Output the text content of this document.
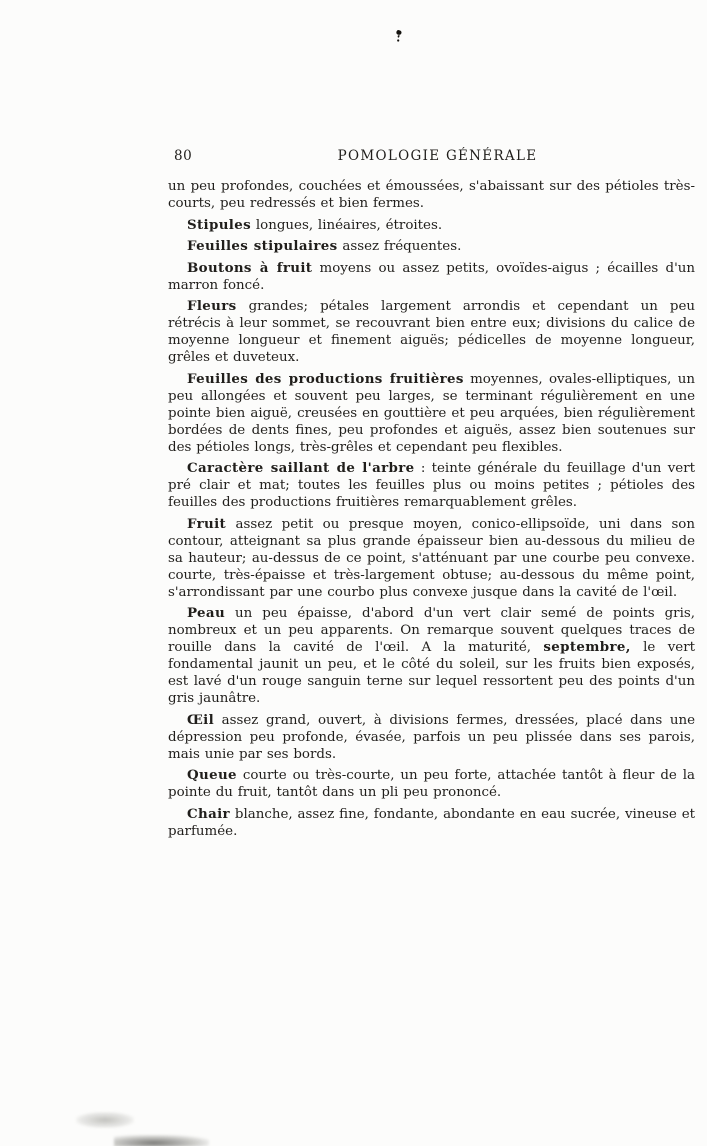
80	POMOLOGIE GÉNÉRALE

un peu profondes, couchées et émoussées, s'abaissant sur des pétioles très-courts, peu redressés et bien fermes.

Stipules longues, linéaires, étroites.

Feuilles stipulaires assez fréquentes.

Boutons à fruit moyens ou assez petits, ovoïdes-aigus ; écailles d'un marron foncé.

Fleurs grandes; pétales largement arrondis et cependant un peu rétrécis à leur sommet, se recouvrant bien entre eux; divisions du calice de moyenne longueur et finement aiguës; pédicelles de moyenne longueur, grêles et duveteux.

Feuilles des productions fruitières moyennes, ovales-elliptiques, un peu allongées et souvent peu larges, se terminant régulièrement en une pointe bien aiguë, creusées en gouttière et peu arquées, bien régulièrement bordées de dents fines, peu profondes et aiguës, assez bien soutenues sur des pétioles longs, très-grêles et cependant peu flexibles.

Caractère saillant de l'arbre : teinte générale du feuillage d'un vert pré clair et mat; toutes les feuilles plus ou moins petites ; pétioles des feuilles des productions fruitières remarquablement grêles.

Fruit assez petit ou presque moyen, conico-ellipsoïde, uni dans son contour, atteignant sa plus grande épaisseur bien au-dessous du milieu de sa hauteur; au-dessus de ce point, s'atténuant par une courbe peu convexe. courte, très-épaisse et très-largement obtuse; au-dessous du même point, s'arrondissant par une courbo plus convexe jusque dans la cavité de l'œil.

Peau un peu épaisse, d'abord d'un vert clair semé de points gris, nombreux et un peu apparents. On remarque souvent quelques traces de rouille dans la cavité de l'œil. A la maturité, septembre, le vert fondamental jaunit un peu, et le côté du soleil, sur les fruits bien exposés, est lavé d'un rouge sanguin terne sur lequel ressortent peu des points d'un gris jaunâtre.

Œil assez grand, ouvert, à divisions fermes, dressées, placé dans une dépression peu profonde, évasée, parfois un peu plissée dans ses parois, mais unie par ses bords.

Queue courte ou très-courte, un peu forte, attachée tantôt à fleur de la pointe du fruit, tantôt dans un pli peu prononcé.

Chair blanche, assez fine, fondante, abondante en eau sucrée, vineuse et parfumée.
